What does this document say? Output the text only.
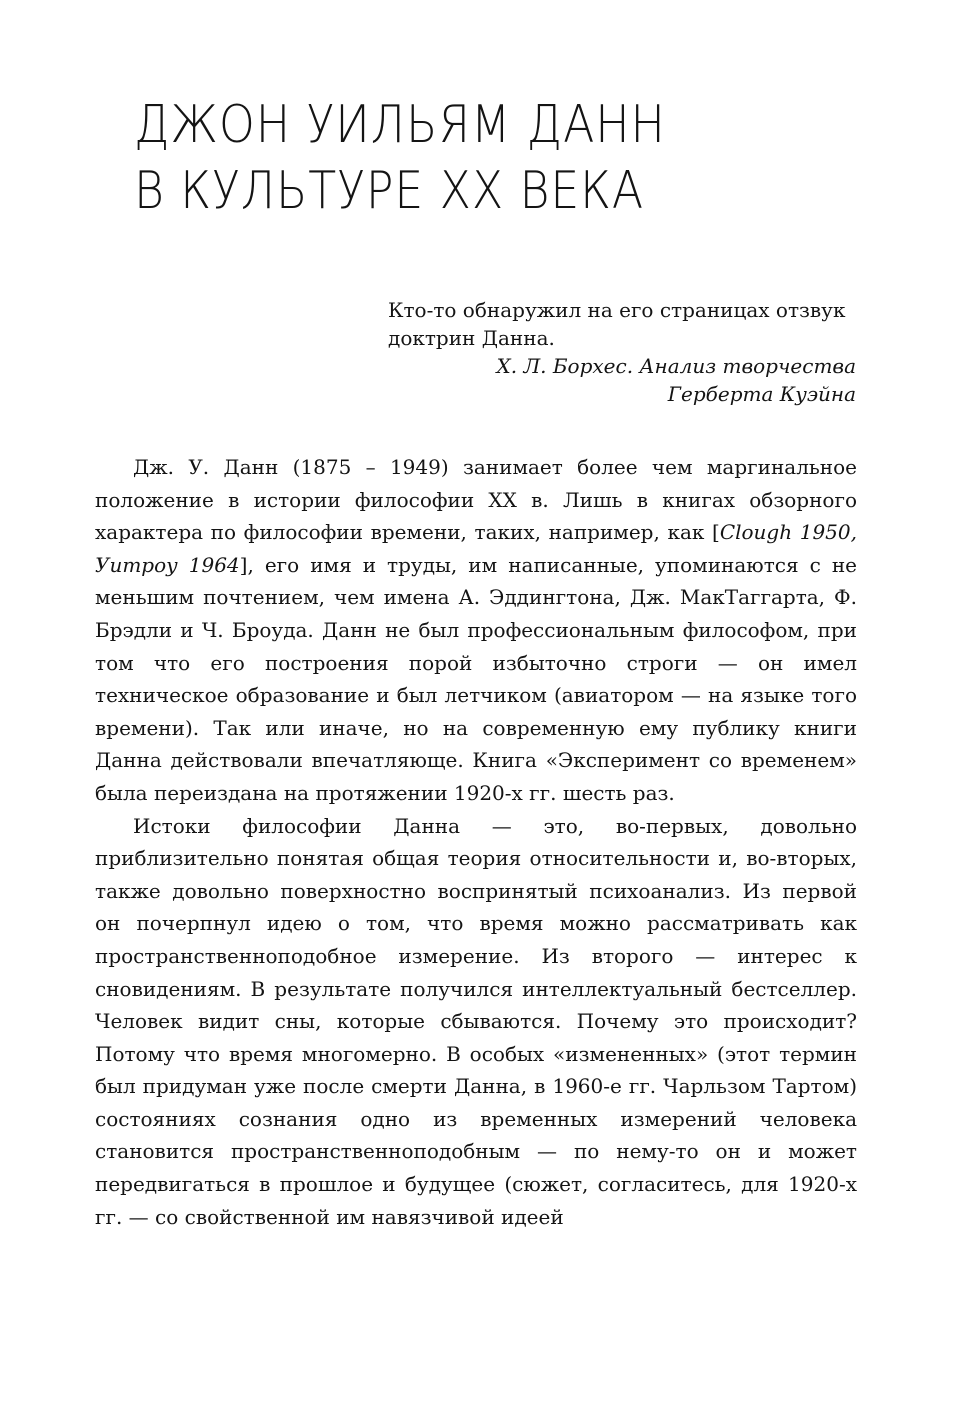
ДЖОН УИЛЬЯМ ДАНН
В КУЛЬТУРЕ XX ВЕКА

Кто-то обнаружил на его страницах отзвук доктрин Данна.

Х. Л. Борхес. Анализ творчества
Герберта Куэйна

Дж. У. Данн (1875 – 1949) занимает более чем маргинальное положение в истории философии XX в. Лишь в книгах обзорного характера по философии времени, таких, например, как [Clough 1950, Уитроу 1964], его имя и труды, им написанные, упоминаются с не меньшим почтением, чем имена А. Эддингтона, Дж. МакТаггарта, Ф. Брэдли и Ч. Броуда. Данн не был профессиональным философом, при том что его построения порой избыточно строги — он имел техническое образование и был летчиком (авиатором — на языке того времени). Так или иначе, но на современную ему публику книги Данна действовали впечатляюще. Книга «Эксперимент со временем» была переиздана на протяжении 1920-х гг. шесть раз.

Истоки философии Данна — это, во-первых, довольно приблизительно понятая общая теория относительности и, во-вторых, также довольно поверхностно воспринятый психоанализ. Из первой он почерпнул идею о том, что время можно рассматривать как пространственноподобное измерение. Из второго — интерес к сновидениям. В результате получился интеллектуальный бестселлер. Человек видит сны, которые сбываются. Почему это происходит? Потому что время многомерно. В особых «измененных» (этот термин был придуман уже после смерти Данна, в 1960-е гг. Чарльзом Тартом) состояниях сознания одно из временных измерений человека становится пространственноподобным — по нему-то он и может передвигаться в прошлое и будущее (сюжет, согласитесь, для 1920-х гг. — со свойственной им навязчивой идеей
